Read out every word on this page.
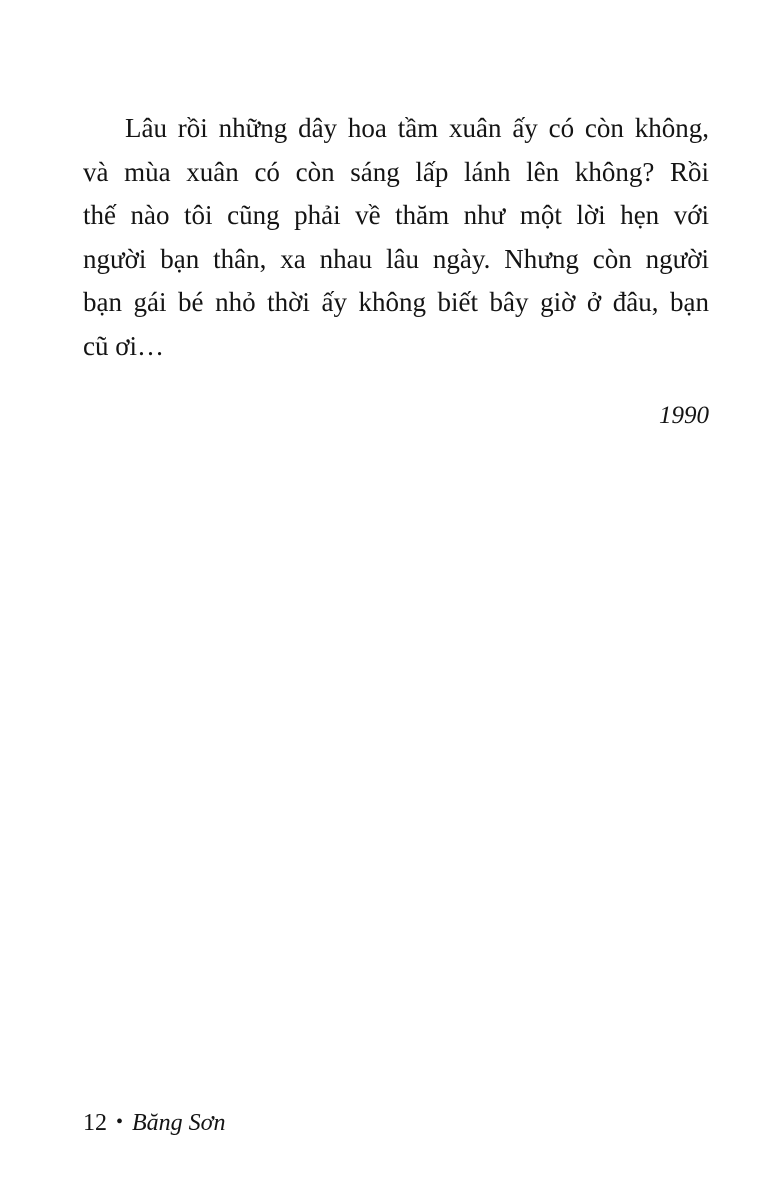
Lâu rồi những dây hoa tầm xuân ấy có còn không,
và mùa xuân có còn sáng lấp lánh lên không? Rồi
thế nào tôi cũng phải về thăm như một lời hẹn với
người bạn thân, xa nhau lâu ngày. Nhưng còn người
bạn gái bé nhỏ thời ấy không biết bây giờ ở đâu, bạn
cũ ơi…
1990
12 • Băng Sơn
